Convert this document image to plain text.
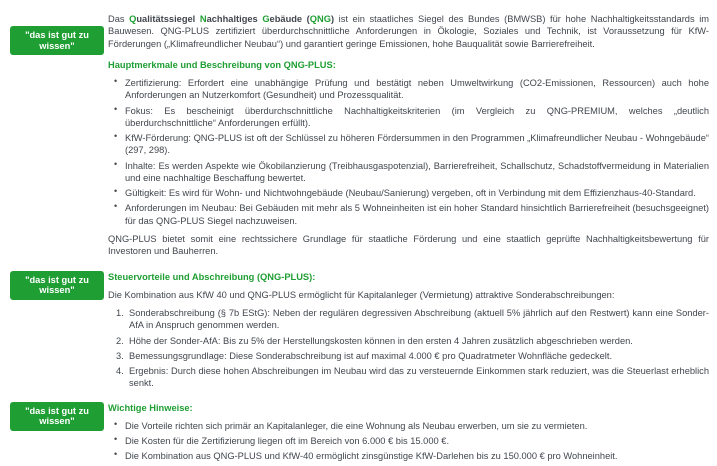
"das ist gut zu wissen"

Das Qualitätssiegel Nachhaltiges Gebäude (QNG) ist ein staatliches Siegel des Bundes (BMWSB) für hohe Nachhaltigkeitsstandards im Bauwesen. QNG-PLUS zertifiziert überdurchschnittliche Anforderungen in Ökologie, Soziales und Technik, ist Voraussetzung für KfW-Förderungen („Klimafreundlicher Neubau“) und garantiert geringe Emissionen, hohe Bauqualität sowie Barrierefreiheit.

Hauptmerkmale und Beschreibung von QNG-PLUS:
• Zertifizierung: Erfordert eine unabhängige Prüfung und bestätigt neben Umweltwirkung (CO2-Emissionen, Ressourcen) auch hohe Anforderungen an Nutzerkomfort (Gesundheit) und Prozessqualität.
• Fokus: Es bescheinigt überdurchschnittliche Nachhaltigkeitskriterien (im Vergleich zu QNG-PREMIUM, welches „deutlich überdurchschnittliche“ Anforderungen erfüllt).
• KfW-Förderung: QNG-PLUS ist oft der Schlüssel zu höheren Fördersummen in den Programmen „Klimafreundlicher Neubau - Wohngebäude“ (297, 298).
• Inhalte: Es werden Aspekte wie Ökobilanzierung (Treibhausgaspotenzial), Barrierefreiheit, Schallschutz, Schadstoffvermeidung in Materialien und eine nachhaltige Beschaffung bewertet.
• Gültigkeit: Es wird für Wohn- und Nichtwohngebäude (Neubau/Sanierung) vergeben, oft in Verbindung mit dem Effizienzhaus-40-Standard.
• Anforderungen im Neubau: Bei Gebäuden mit mehr als 5 Wohneinheiten ist ein hoher Standard hinsichtlich Barrierefreiheit (besuchsgeeignet) für das QNG-PLUS Siegel nachzuweisen.

QNG-PLUS bietet somit eine rechtssichere Grundlage für staatliche Förderung und eine staatlich geprüfte Nachhaltigkeitsbewertung für Investoren und Bauherren.

"das ist gut zu wissen"
Steuervorteile und Abschreibung (QNG-PLUS):

Die Kombination aus KfW 40 und QNG-PLUS ermöglicht für Kapitalanleger (Vermietung) attraktive Sonderabschreibungen:

Sonderabschreibung (§ 7b EStG): Neben der regulären degressiven Abschreibung (aktuell 5% jährlich auf den Restwert) kann eine Sonder-AfA in Anspruch genommen werden.
Höhe der Sonder-AfA: Bis zu 5% der Herstellungskosten können in den ersten 4 Jahren zusätzlich abgeschrieben werden.
Bemessungsgrundlage: Diese Sonderabschreibung ist auf maximal 4.000 € pro Quadratmeter Wohnfläche gedeckelt.
Ergebnis: Durch diese hohen Abschreibungen im Neubau wird das zu versteuernde Einkommen stark reduziert, was die Steuerlast erheblich senkt.
"das ist gut zu wissen"
Wichtige Hinweise:
• Die Vorteile richten sich primär an Kapitalanleger, die eine Wohnung als Neubau erwerben, um sie zu vermieten.
• Die Kosten für die Zertifizierung liegen oft im Bereich von 6.000 € bis 15.000 €.
• Die Kombination aus QNG-PLUS und KfW-40 ermöglicht zinsgünstige KfW-Darlehen bis zu 150.000 € pro Wohneinheit.
